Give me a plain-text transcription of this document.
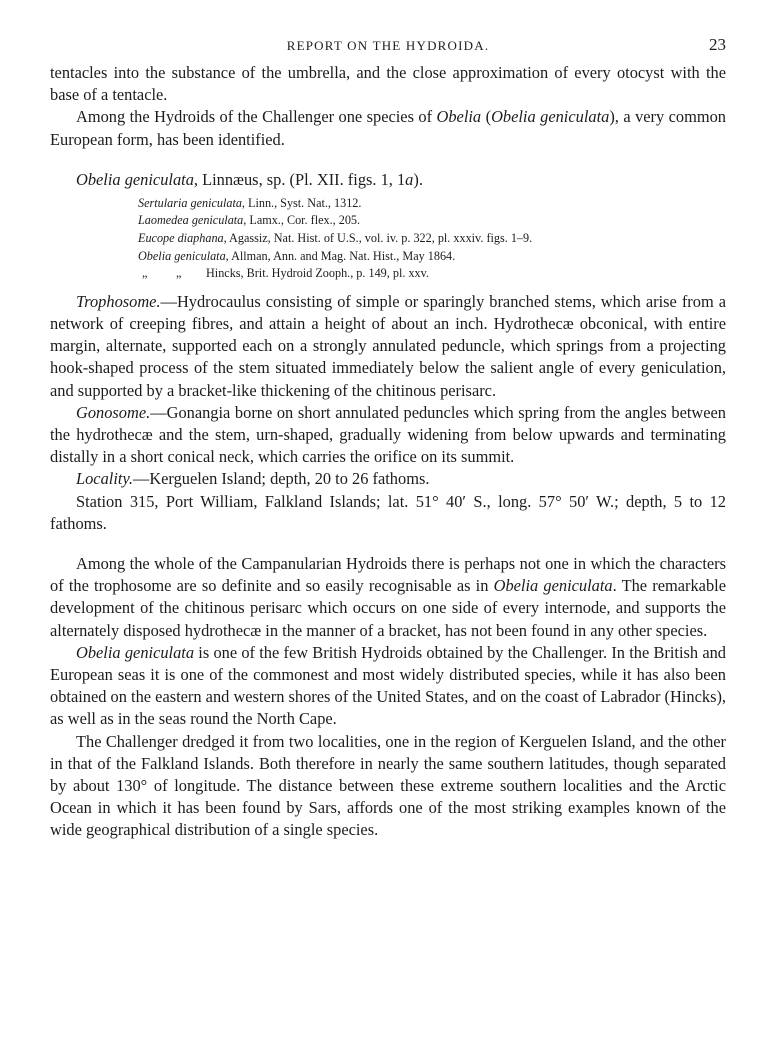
REPORT ON THE HYDROIDA.	23

tentacles into the substance of the umbrella, and the close approximation of every otocyst with the base of a tentacle.

Among the Hydroids of the Challenger one species of Obelia (Obelia geniculata), a very common European form, has been identified.

Obelia geniculata, Linnæus, sp. (Pl. XII. figs. 1, 1a).
Sertularia geniculata, Linn., Syst. Nat., 1312.
Laomedea geniculata, Lamx., Cor. flex., 205.
Eucope diaphana, Agassiz, Nat. Hist. of U.S., vol. iv. p. 322, pl. xxxiv. figs. 1–9.
Obelia geniculata, Allman, Ann. and Mag. Nat. Hist., May 1864.
„ „ Hincks, Brit. Hydroid Zooph., p. 149, pl. xxv.

Trophosome.—Hydrocaulus consisting of simple or sparingly branched stems, which arise from a network of creeping fibres, and attain a height of about an inch. Hydrothecæ obconical, with entire margin, alternate, supported each on a strongly annulated peduncle, which springs from a projecting hook-shaped process of the stem situated immediately below the salient angle of every geniculation, and supported by a bracket-like thickening of the chitinous perisarc.

Gonosome.—Gonangia borne on short annulated peduncles which spring from the angles between the hydrothecæ and the stem, urn-shaped, gradually widening from below upwards and terminating distally in a short conical neck, which carries the orifice on its summit.

Locality.—Kerguelen Island; depth, 20 to 26 fathoms.

Station 315, Port William, Falkland Islands; lat. 51° 40′ S., long. 57° 50′ W.; depth, 5 to 12 fathoms.

Among the whole of the Campanularian Hydroids there is perhaps not one in which the characters of the trophosome are so definite and so easily recognisable as in Obelia geniculata. The remarkable development of the chitinous perisarc which occurs on one side of every internode, and supports the alternately disposed hydrothecæ in the manner of a bracket, has not been found in any other species.

Obelia geniculata is one of the few British Hydroids obtained by the Challenger. In the British and European seas it is one of the commonest and most widely distributed species, while it has also been obtained on the eastern and western shores of the United States, and on the coast of Labrador (Hincks), as well as in the seas round the North Cape.

The Challenger dredged it from two localities, one in the region of Kerguelen Island, and the other in that of the Falkland Islands. Both therefore in nearly the same southern latitudes, though separated by about 130° of longitude. The distance between these extreme southern localities and the Arctic Ocean in which it has been found by Sars, affords one of the most striking examples known of the wide geographical distribution of a single species.
